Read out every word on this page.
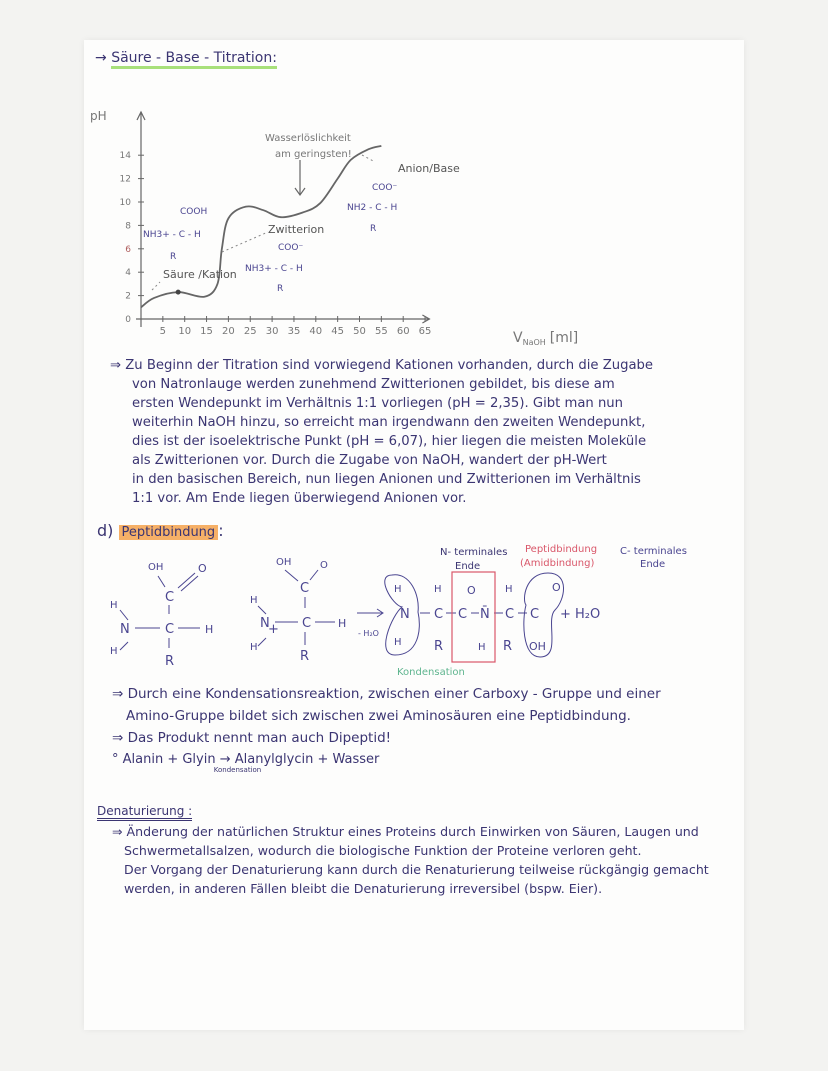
→ Säure - Base - Titration:
5 10 15 20 25 30 35 40 45 50 55 60 65
0
2
4
6
8
10
12
14
pH
$V_{NaOH}$ [ml]
Wasserlöslichkeit
am geringsten!
Säure /Kation
Zwitterion
Anion/Base
COOH
NH3+ - C - H
R
COO⁻
NH3+ - C - H
R
COO⁻
NH2 - C - H
R
⇒ Zu Beginn der Titration sind vorwiegend Kationen vorhanden, durch die Zugabe
von Natronlauge werden zunehmend Zwitterionen gebildet, bis diese am
ersten Wendepunkt im Verhältnis 1:1 vorliegen (pH = 2,35). Gibt man nun
weiterhin NaOH hinzu, so erreicht man irgendwann den zweiten Wendepunkt,
dies ist der isoelektrische Punkt (pH = 6,07), hier liegen die meisten Moleküle
als Zwitterionen vor. Durch die Zugabe von NaOH, wandert der pH-Wert
in den basischen Bereich, nun liegen Anionen und Zwitterionen im Verhältnis
1:1 vor. Am Ende liegen überwiegend Anionen vor.
d) Peptidbindung :
OH	O
C
H
N	C	H
H
R
+
OH	O
C
H
N C H
H
R
- H₂O
H
N
H
H
C
R
O
C N̄
H
H
C
R
O
C
OH
+ H₂O
N- terminales
Ende
Peptidbindung
(Amidbindung)
C- terminales
Ende
Kondensation
⇒ Durch eine Kondensationsreaktion, zwischen einer Carboxy - Gruppe und einer
Amino-Gruppe bildet sich zwischen zwei Aminosäuren eine Peptidbindung.
⇒ Das Produkt nennt man auch Dipeptid!
° Alanin + Glyin →
Kondensation
Alanylglycin + Wasser
Denaturierung :
⇒ Änderung der natürlichen Struktur eines Proteins durch Einwirken von Säuren, Laugen und
Schwermetallsalzen, wodurch die biologische Funktion der Proteine verloren geht.
Der Vorgang der Denaturierung kann durch die Renaturierung teilweise rückgängig gemacht
werden, in anderen Fällen bleibt die Denaturierung irreversibel (bspw. Eier).
